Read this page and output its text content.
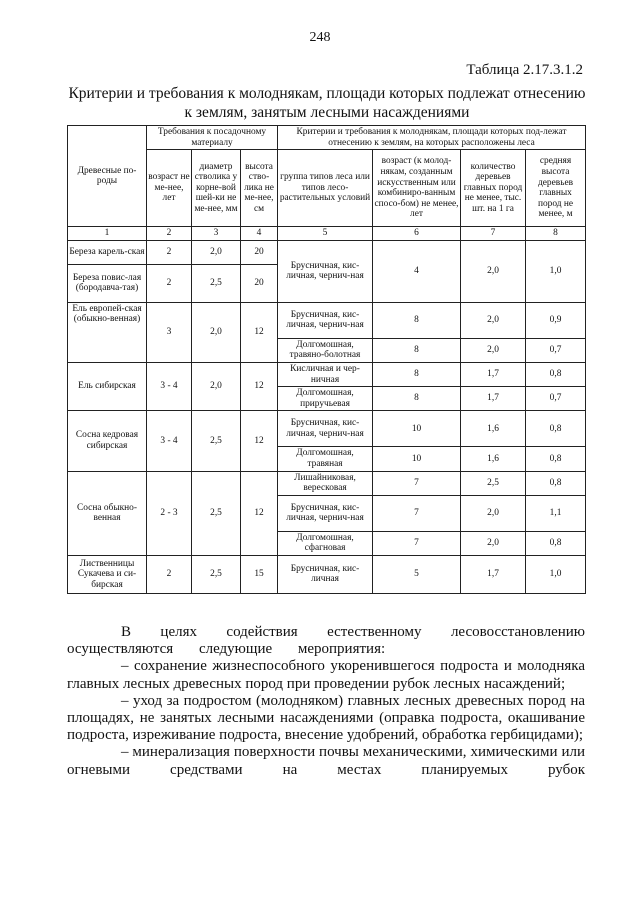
248
Таблица 2.17.3.1.2
Критерии и требования к молоднякам, площади которых подлежат отнесению к землям, занятым лесными насаждениями
Древесные по-роды	Требования к посадочному материалу			Критерии и требования к молоднякам, площади которых под-лежат отнесению к землям, на которых расположены леса			
	возраст не ме-нее, лет	диаметр стволика у корне-вой шей-ки не ме-нее, мм	высота ство-лика не ме-нее, см	группа типов леса или типов лесо-растительных условий	возраст (к молод-някам, созданным искусственным или комбиниро-ванным спосо-бом) не менее, лет	количество деревьев главных пород не менее, тыс. шт. на 1 га	средняя высота деревьев главных пород не менее, м
1	2	3	4	5	6	7	8
Береза карель-ская	2	2,0	20	Брусничная, кис-личная, чернич-ная	4	2,0	1,0
Береза повис-лая (бородавча-тая)	2	2,5	20				
Ель европей-ская (обыкно-венная)	3	2,0	12	Брусничная, кис-личная, чернич-ная	8	2,0	0,9
				Долгомошная, травяно-болотная	8	2,0	0,7
Ель сибирская	3 - 4	2,0	12	Кисличная и чер-ничная	8	1,7	0,8
				Долгомошная, приручьевая	8	1,7	0,7
Сосна кедровая сибирская	3 - 4	2,5	12	Брусничная, кис-личная, чернич-ная	10	1,6	0,8
				Долгомошная, травяная	10	1,6	0,8
Сосна обыкно-венная	2 - 3	2,5	12	Лишайниковая, вересковая	7	2,5	0,8
				Брусничная, кис-личная, чернич-ная	7	2,0	1,1
				Долгомошная, сфагновая	7	2,0	0,8
Лиственницы Сукачева и си-бирская	2	2,5	15	Брусничная, кис-личная	5	1,7	1,0

В целях содействия естественному лесовосстановлению осуществляются следующие мероприятия:

– сохранение жизнеспособного укоренившегося подроста и молодняка главных лесных древесных пород при проведении рубок лесных насаждений;

– уход за подростом (молодняком) главных лесных древесных пород на площадях, не занятых лесными насаждениями (оправка подроста, окашивание подроста, изреживание подроста, внесение удобрений, обработка гербицидами);

– минерализация поверхности почвы механическими, химическими или огневыми средствами на местах планируемых рубок
